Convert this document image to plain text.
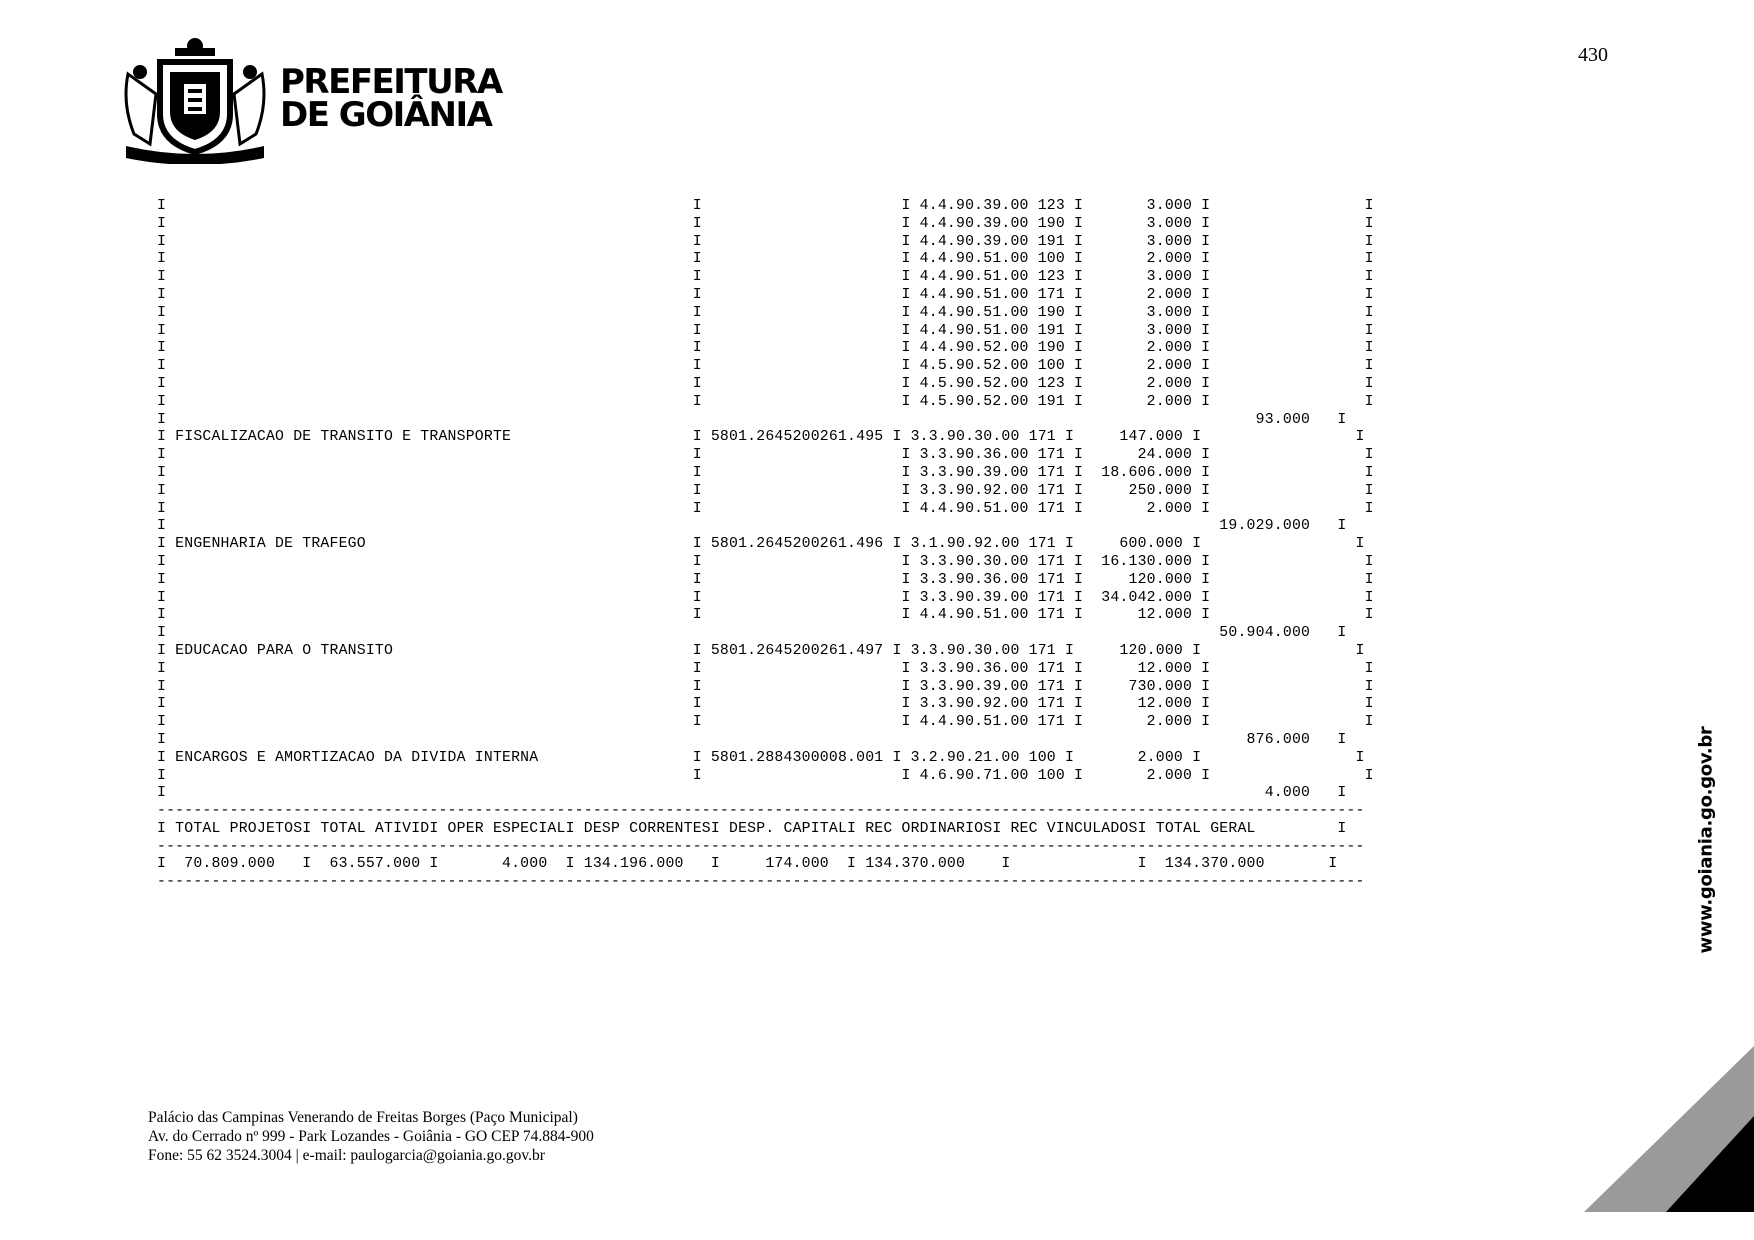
430
PREFEITURA
DE GOIÂNIA
I                                                          I                      I 4.4.90.39.00 123 I       3.000 I                 I
I                                                          I                      I 4.4.90.39.00 190 I       3.000 I                 I
I                                                          I                      I 4.4.90.39.00 191 I       3.000 I                 I
I                                                          I                      I 4.4.90.51.00 100 I       2.000 I                 I
I                                                          I                      I 4.4.90.51.00 123 I       3.000 I                 I
I                                                          I                      I 4.4.90.51.00 171 I       2.000 I                 I
I                                                          I                      I 4.4.90.51.00 190 I       3.000 I                 I
I                                                          I                      I 4.4.90.51.00 191 I       3.000 I                 I
I                                                          I                      I 4.4.90.52.00 190 I       2.000 I                 I
I                                                          I                      I 4.5.90.52.00 100 I       2.000 I                 I
I                                                          I                      I 4.5.90.52.00 123 I       2.000 I                 I
I                                                          I                      I 4.5.90.52.00 191 I       2.000 I                 I
I                                                                                                                        93.000   I
I FISCALIZACAO DE TRANSITO E TRANSPORTE                    I 5801.2645200261.495 I 3.3.90.30.00 171 I     147.000 I                 I
I                                                          I                      I 3.3.90.36.00 171 I      24.000 I                 I
I                                                          I                      I 3.3.90.39.00 171 I  18.606.000 I                 I
I                                                          I                      I 3.3.90.92.00 171 I     250.000 I                 I
I                                                          I                      I 4.4.90.51.00 171 I       2.000 I                 I
I                                                                                                                    19.029.000   I
I ENGENHARIA DE TRAFEGO                                    I 5801.2645200261.496 I 3.1.90.92.00 171 I     600.000 I                 I
I                                                          I                      I 3.3.90.30.00 171 I  16.130.000 I                 I
I                                                          I                      I 3.3.90.36.00 171 I     120.000 I                 I
I                                                          I                      I 3.3.90.39.00 171 I  34.042.000 I                 I
I                                                          I                      I 4.4.90.51.00 171 I      12.000 I                 I
I                                                                                                                    50.904.000   I
I EDUCACAO PARA O TRANSITO                                 I 5801.2645200261.497 I 3.3.90.30.00 171 I     120.000 I                 I
I                                                          I                      I 3.3.90.36.00 171 I      12.000 I                 I
I                                                          I                      I 3.3.90.39.00 171 I     730.000 I                 I
I                                                          I                      I 3.3.90.92.00 171 I      12.000 I                 I
I                                                          I                      I 4.4.90.51.00 171 I       2.000 I                 I
I                                                                                                                       876.000   I
I ENCARGOS E AMORTIZACAO DA DIVIDA INTERNA                 I 5801.2884300008.001 I 3.2.90.21.00 100 I       2.000 I                 I
I                                                          I                      I 4.6.90.71.00 100 I       2.000 I                 I
I                                                                                                                         4.000   I
-------------------------------------------------------------------------------------------------------------------------------------
I TOTAL PROJETOSI TOTAL ATIVIDI OPER ESPECIALI DESP CORRENTESI DESP. CAPITALI REC ORDINARIOSI REC VINCULADOSI TOTAL GERAL         I
-------------------------------------------------------------------------------------------------------------------------------------
I  70.809.000   I  63.557.000 I       4.000  I 134.196.000   I     174.000  I 134.370.000    I              I  134.370.000       I
-------------------------------------------------------------------------------------------------------------------------------------
Palácio das Campinas Venerando de Freitas Borges (Paço Municipal)
Av. do Cerrado nº 999 - Park Lozandes - Goiânia - GO CEP 74.884-900
Fone: 55 62 3524.3004 | e-mail: paulogarcia@goiania.go.gov.br
www.goiania.go.gov.br
